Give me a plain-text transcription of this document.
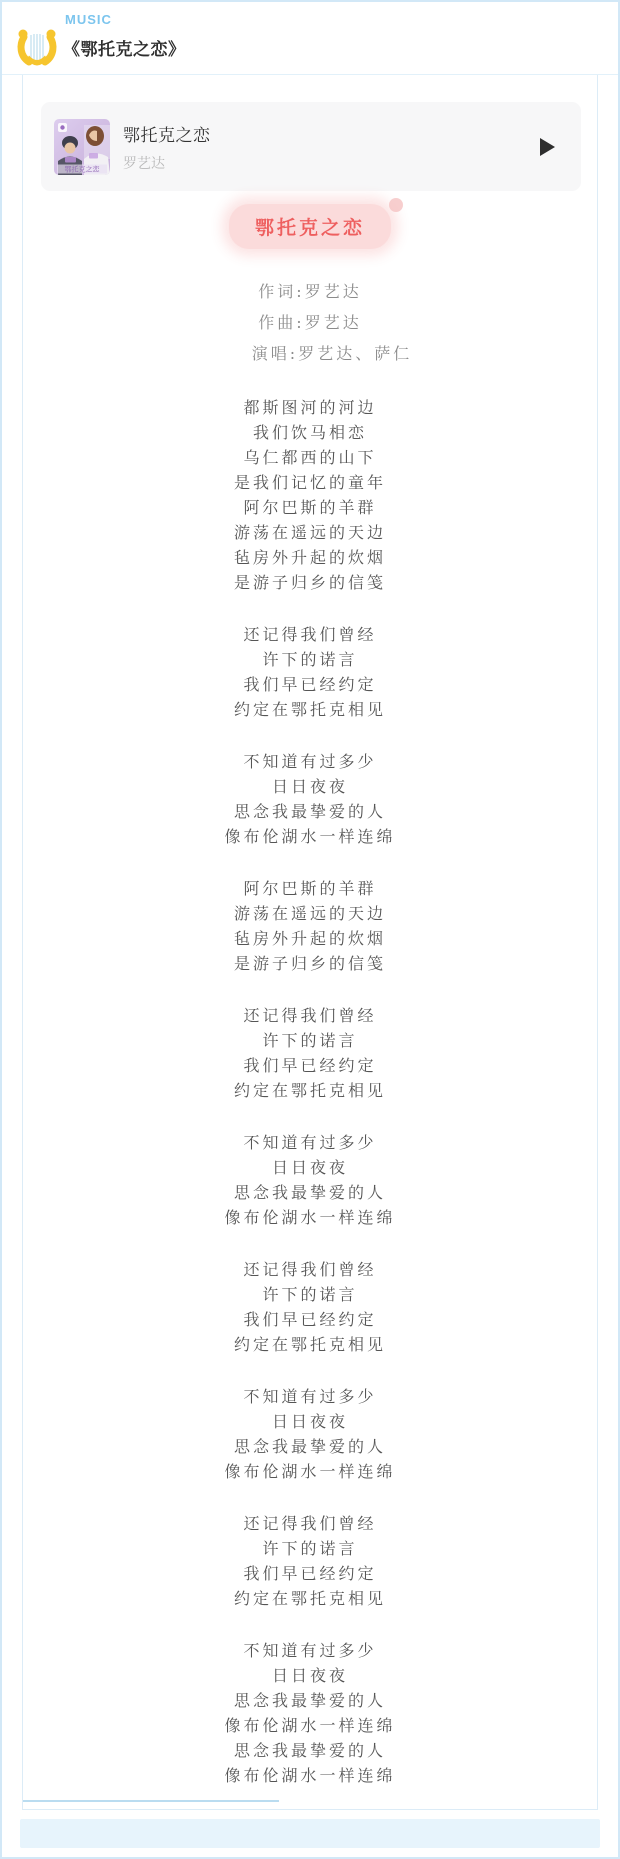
MUSIC
《鄂托克之恋》
鄂托克之恋
鄂托克之恋
罗艺达
鄂托克之恋
作词:罗艺达
作曲:罗艺达
演唱:罗艺达、萨仁
都斯图河的河边
我们饮马相恋
乌仁都西的山下
是我们记忆的童年
阿尔巴斯的羊群
游荡在遥远的天边
毡房外升起的炊烟
是游子归乡的信笺
还记得我们曾经
许下的诺言
我们早已经约定
约定在鄂托克相见
不知道有过多少
日日夜夜
思念我最挚爱的人
像布伦湖水一样连绵
阿尔巴斯的羊群
游荡在遥远的天边
毡房外升起的炊烟
是游子归乡的信笺
还记得我们曾经
许下的诺言
我们早已经约定
约定在鄂托克相见
不知道有过多少
日日夜夜
思念我最挚爱的人
像布伦湖水一样连绵
还记得我们曾经
许下的诺言
我们早已经约定
约定在鄂托克相见
不知道有过多少
日日夜夜
思念我最挚爱的人
像布伦湖水一样连绵
还记得我们曾经
许下的诺言
我们早已经约定
约定在鄂托克相见
不知道有过多少
日日夜夜
思念我最挚爱的人
像布伦湖水一样连绵
思念我最挚爱的人
像布伦湖水一样连绵
